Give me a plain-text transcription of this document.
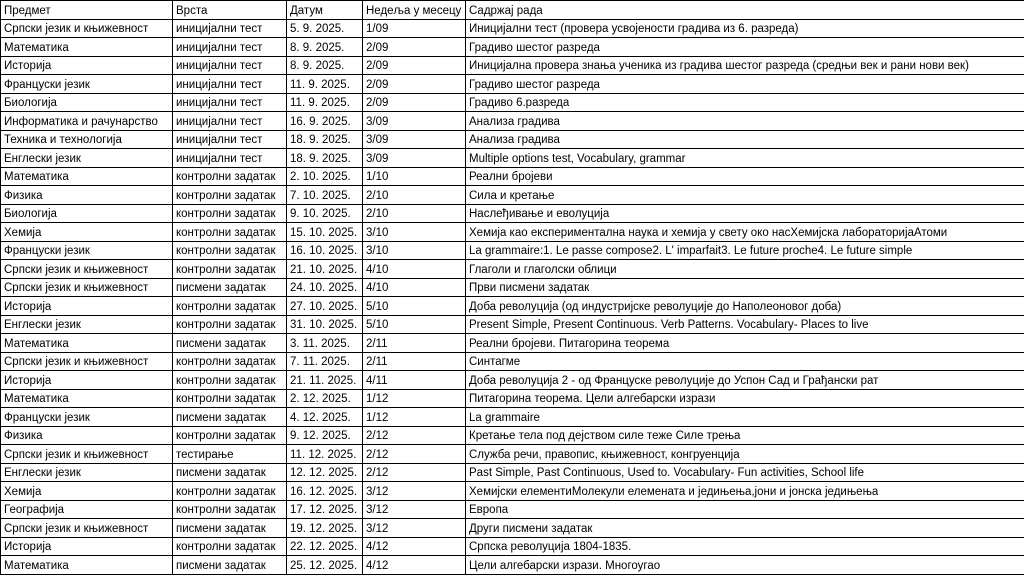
Предмет	Врста	Датум	Недеља у месецу	Садржај рада
Српски језик и књижевност	иницијални тест	5. 9. 2025.	1/09	Иницијални тест (провера усвојености градива из 6. разреда)
Математика	иницијални тест	8. 9. 2025.	2/09	Градиво шестог разреда
Историја	иницијални тест	8. 9. 2025.	2/09	Иницијална провера знања ученика из градива шестог разреда (средњи век и рани нови век)
Француски језик	иницијални тест	11. 9. 2025.	2/09	Градиво шестог разреда
Биологија	иницијални тест	11. 9. 2025.	2/09	Градиво 6.разреда
Информатика и рачунарство	иницијални тест	16. 9. 2025.	3/09	Анализа градива
Техника и технологија	иницијални тест	18. 9. 2025.	3/09	Анализа градива
Енглески језик	иницијални тест	18. 9. 2025.	3/09	Multiple options test, Vocabulary, grammar
Математика	контролни задатак	2. 10. 2025.	1/10	Реални бројеви
Физика	контролни задатак	7. 10. 2025.	2/10	Сила и кретање
Биологија	контролни задатак	9. 10. 2025.	2/10	Наслеђивање и еволуција
Хемија	контролни задатак	15. 10. 2025.	3/10	Хемија као експериментална наука и хемија у свету око насХемијска лабораторијаАтоми
Француски језик	контролни задатак	16. 10. 2025.	3/10	La grammaire:1. Le passe compose2. L' imparfait3. Le future proche4. Le future simple
Српски језик и књижевност	контролни задатак	21. 10. 2025.	4/10	Глаголи и глаголски облици
Српски језик и књижевност	писмени задатак	24. 10. 2025.	4/10	Први писмени задатак
Историја	контролни задатак	27. 10. 2025.	5/10	Доба револуција (од индустријске револуције до Наполеоновог доба)
Енглески језик	контролни задатак	31. 10. 2025.	5/10	Present Simple, Present Continuous. Verb Patterns. Vocabulary- Places to live
Математика	писмени задатак	3. 11. 2025.	2/11	Реални бројеви. Питагорина теорема
Српски језик и књижевност	контролни задатак	7. 11. 2025.	2/11	Синтагме
Историја	контролни задатак	21. 11. 2025.	4/11	Доба револуција 2 - од Француске револуције до Успон Сад и Грађански рат
Математика	контролни задатак	2. 12. 2025.	1/12	Питагорина теорема. Цели алгебарски изрази
Француски језик	писмени задатак	4. 12. 2025.	1/12	La grammaire
Физика	контролни задатак	9. 12. 2025.	2/12	Кретање тела под дејством силе теже Силе трења
Српски језик и књижевност	тестирање	11. 12. 2025.	2/12	Служба речи, правопис, књижевност, конгруенција
Енглески језик	писмени задатак	12. 12. 2025.	2/12	Past Simple, Past Continuous, Used to. Vocabulary- Fun activities, School life
Хемија	контролни задатак	16. 12. 2025.	3/12	Хемијски елементиМолекули елемената и једињења,јони и јонска једињења
Географија	контролни задатак	17. 12. 2025.	3/12	Европа
Српски језик и књижевност	писмени задатак	19. 12. 2025.	3/12	Други писмени задатак
Историја	контролни задатак	22. 12. 2025.	4/12	Српска револуција 1804-1835.
Математика	писмени задатак	25. 12. 2025.	4/12	Цели алгебарски изрази. Многоугао
